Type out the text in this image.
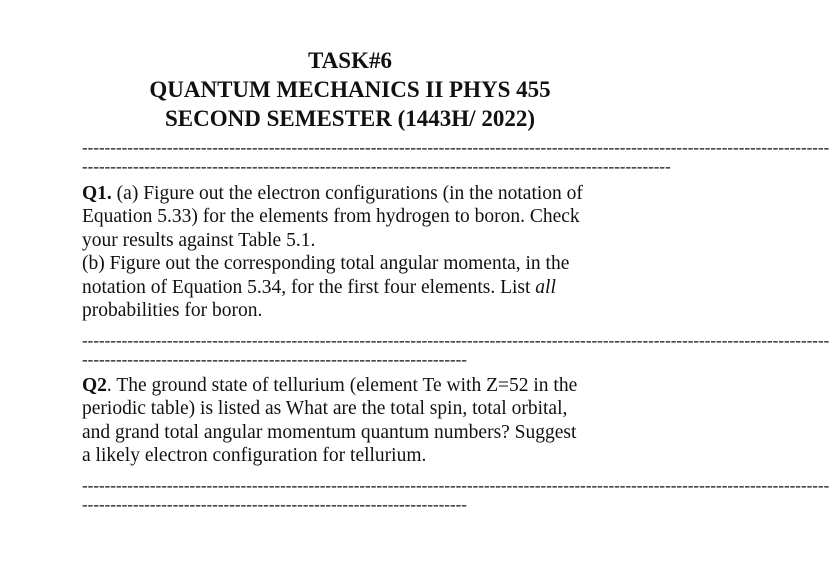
TASK#6
QUANTUM MECHANICS II PHYS 455
SECOND SEMESTER (1443H/ 2022)
------------------------------------------------------------------------------------------------------------------------------------
--------------------------------------------------------------------------------------------------------
Q1. (a) Figure out the electron configurations (in the notation of
Equation 5.33) for the elements from hydrogen to boron. Check
your results against Table 5.1.
(b) Figure out the corresponding total angular momenta, in the
notation of Equation 5.34, for the first four elements. List all
probabilities for boron.
------------------------------------------------------------------------------------------------------------------------------------
--------------------------------------------------------------------
Q2. The ground state of tellurium (element Te with Z=52 in the
periodic table) is listed as What are the total spin, total orbital,
and grand total angular momentum quantum numbers? Suggest
a likely electron configuration for tellurium.
------------------------------------------------------------------------------------------------------------------------------------
--------------------------------------------------------------------
